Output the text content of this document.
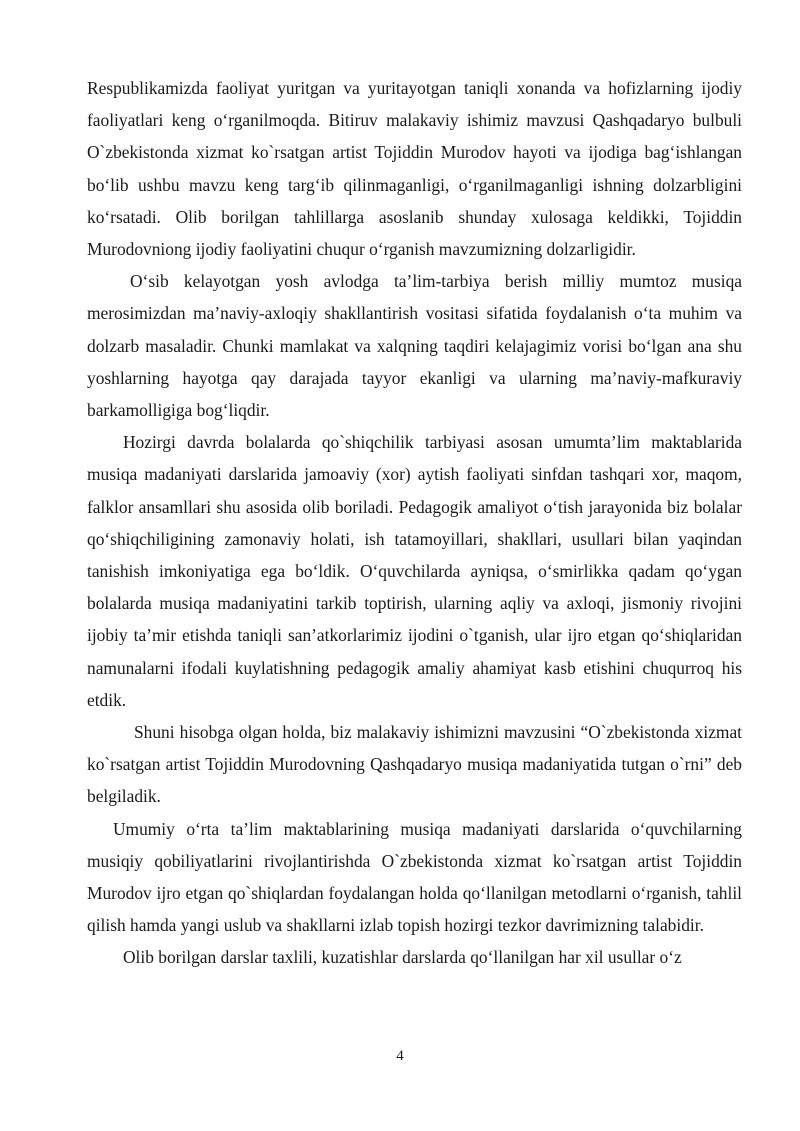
Respublikamizda faoliyat yuritgan va yuritayotgan taniqli xonanda va hofizlarning ijodiy faoliyatlari keng o‘rganilmoqda. Bitiruv malakaviy ishimiz mavzusi Qashqadaryo bulbuli O`zbekistonda xizmat ko`rsatgan artist Tojiddin Murodov hayoti va ijodiga bag‘ishlangan bo‘lib ushbu mavzu keng targ‘ib qilinmaganligi, o‘rganilmaganligi ishning dolzarbligini ko‘rsatadi. Olib borilgan tahlillarga asoslanib shunday xulosaga keldikki, Tojiddin Murodovniong ijodiy faoliyatini chuqur o‘rganish mavzumizning dolzarligidir.

O‘sib kelayotgan yosh avlodga ta’lim-tarbiya berish milliy mumtoz musiqa merosimizdan ma’naviy-axloqiy shakllantirish vositasi sifatida foydalanish o‘ta muhim va dolzarb masaladir. Chunki mamlakat va xalqning taqdiri kelajagimiz vorisi bo‘lgan ana shu yoshlarning hayotga qay darajada tayyor ekanligi va ularning ma’naviy-mafkuraviy barkamolligiga bog‘liqdir.

Hozirgi davrda bolalarda qo`shiqchilik tarbiyasi asosan umumta’lim maktablarida musiqa madaniyati darslarida jamoaviy (xor) aytish faoliyati sinfdan tashqari xor, maqom, falklor ansamllari shu asosida olib boriladi. Pedagogik amaliyot o‘tish jarayonida biz bolalar qo‘shiqchiligining zamonaviy holati, ish tatamoyillari, shakllari, usullari bilan yaqindan tanishish imkoniyatiga ega bo‘ldik. O‘quvchilarda ayniqsa, o‘smirlikka qadam qo‘ygan bolalarda musiqa madaniyatini tarkib toptirish, ularning aqliy va axloqi, jismoniy rivojini ijobiy ta’mir etishda taniqli san’atkorlarimiz ijodini o`tganish, ular ijro etgan qo‘shiqlaridan namunalarni ifodali kuylatishning pedagogik amaliy ahamiyat kasb etishini chuqurroq his etdik.

Shuni hisobga olgan holda, biz malakaviy ishimizni mavzusini “O`zbekistonda xizmat ko`rsatgan artist Tojiddin Murodovning Qashqadaryo musiqa madaniyatida tutgan o`rni” deb belgiladik.

Umumiy o‘rta ta’lim maktablarining musiqa madaniyati darslarida o‘quvchilarning musiqiy qobiliyatlarini rivojlantirishda O`zbekistonda xizmat ko`rsatgan artist Tojiddin Murodov ijro etgan qo`shiqlardan foydalangan holda qo‘llanilgan metodlarni o‘rganish, tahlil qilish hamda yangi uslub va shakllarni izlab topish hozirgi tezkor davrimizning talabidir.

Olib borilgan darslar taxlili, kuzatishlar darslarda qo‘llanilgan har xil usullar o‘z

4
